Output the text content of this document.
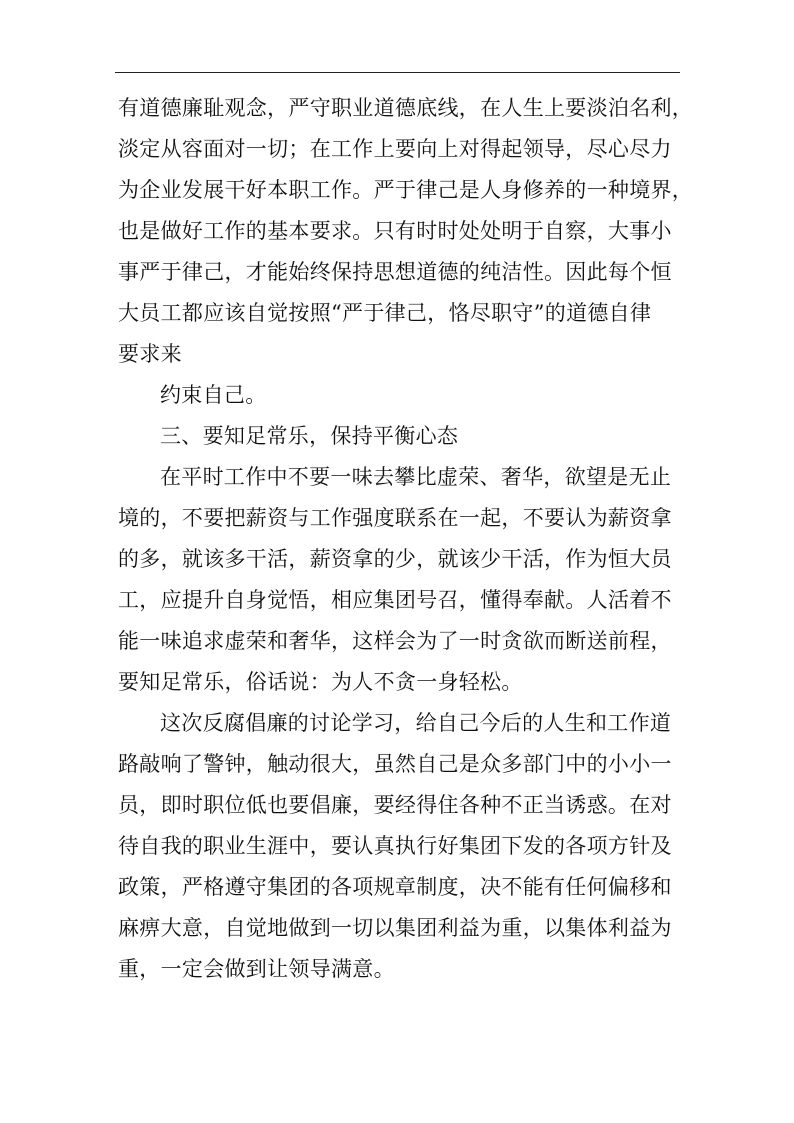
有道德廉耻观念，严守职业道德底线，在人生上要淡泊名利，
淡定从容面对一切；在工作上要向上对得起领导，尽心尽力
为企业发展干好本职工作。严于律己是人身修养的一种境界，
也是做好工作的基本要求。只有时时处处明于自察，大事小
事严于律己，才能始终保持思想道德的纯洁性。因此每个恒
大员工都应该自觉按照“严于律己，恪尽职守”的道德自律
要求来
约束自己。
三、要知足常乐，保持平衡心态
在平时工作中不要一味去攀比虚荣、奢华，欲望是无止
境的，不要把薪资与工作强度联系在一起，不要认为薪资拿
的多，就该多干活，薪资拿的少，就该少干活，作为恒大员
工，应提升自身觉悟，相应集团号召，懂得奉献。人活着不
能一味追求虚荣和奢华，这样会为了一时贪欲而断送前程，
要知足常乐，俗话说：为人不贪一身轻松。
这次反腐倡廉的讨论学习，给自己今后的人生和工作道
路敲响了警钟，触动很大，虽然自己是众多部门中的小小一
员，即时职位低也要倡廉，要经得住各种不正当诱惑。在对
待自我的职业生涯中，要认真执行好集团下发的各项方针及
政策，严格遵守集团的各项规章制度，决不能有任何偏移和
麻痹大意，自觉地做到一切以集团利益为重，以集体利益为
重，一定会做到让领导满意。
